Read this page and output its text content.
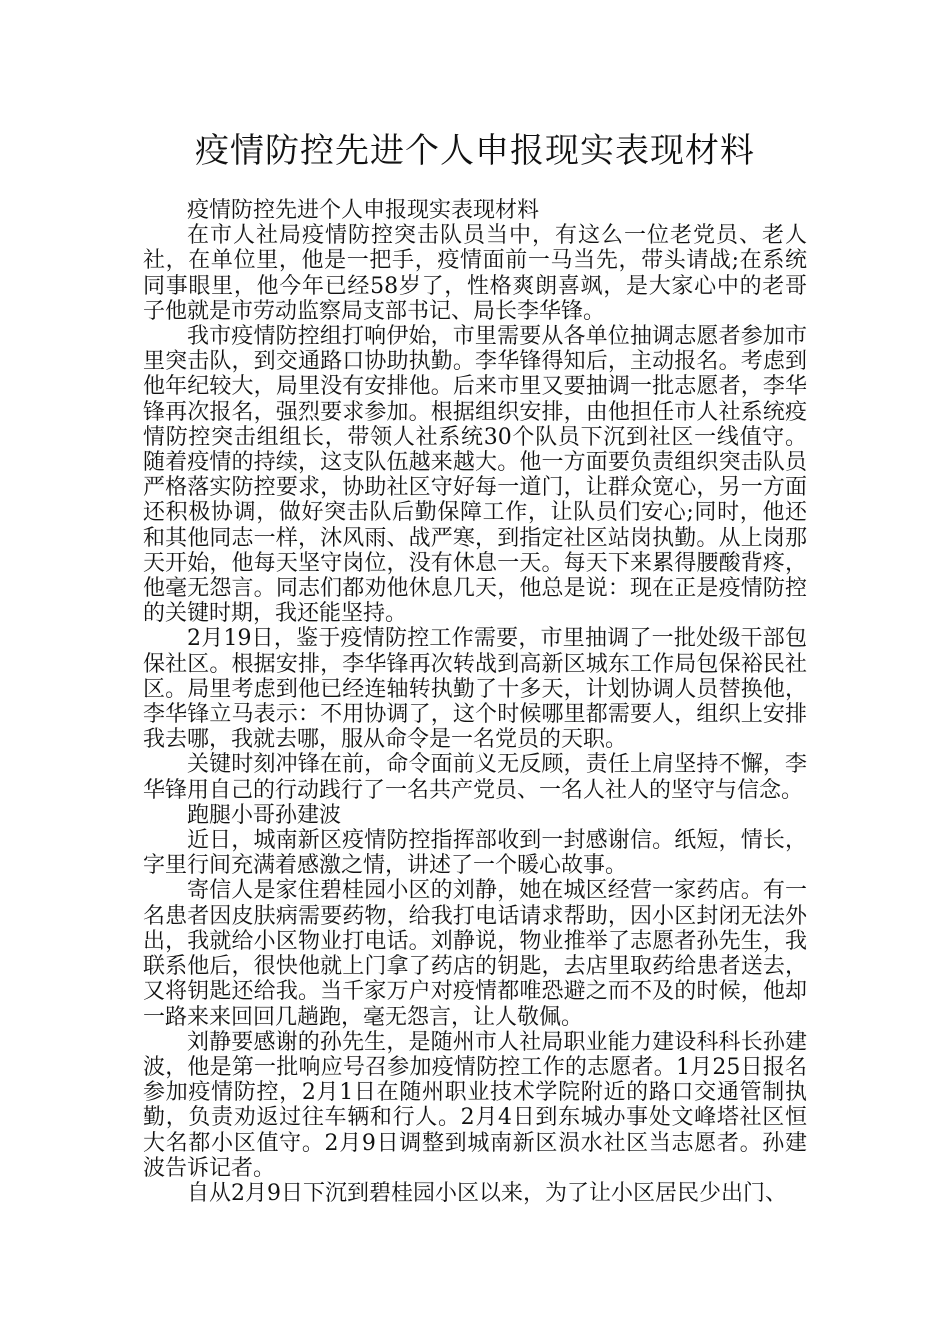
疫情防控先进个人申报现实表现材料

疫情防控先进个人申报现实表现材料

在市人社局疫情防控突击队员当中，有这么一位老党员、老人社，在单位里，他是一把手，疫情面前一马当先，带头请战;在系统同事眼里，他今年已经58岁了，性格爽朗喜飒，是大家心中的老哥子他就是市劳动监察局支部书记、局长李华锋。

我市疫情防控组打响伊始，市里需要从各单位抽调志愿者参加市里突击队，到交通路口协助执勤。李华锋得知后，主动报名。考虑到他年纪较大，局里没有安排他。后来市里又要抽调一批志愿者，李华锋再次报名，强烈要求参加。根据组织安排，由他担任市人社系统疫情防控突击组组长，带领人社系统30个队员下沉到社区一线值守。随着疫情的持续，这支队伍越来越大。他一方面要负责组织突击队员严格落实防控要求，协助社区守好每一道门，让群众宽心，另一方面还积极协调，做好突击队后勤保障工作，让队员们安心;同时，他还和其他同志一样，沐风雨、战严寒，到指定社区站岗执勤。从上岗那天开始，他每天坚守岗位，没有休息一天。每天下来累得腰酸背疼，他毫无怨言。同志们都劝他休息几天，他总是说：现在正是疫情防控的关键时期，我还能坚持。

2月19日，鉴于疫情防控工作需要，市里抽调了一批处级干部包保社区。根据安排，李华锋再次转战到高新区城东工作局包保裕民社区。局里考虑到他已经连轴转执勤了十多天，计划协调人员替换他，李华锋立马表示：不用协调了，这个时候哪里都需要人，组织上安排我去哪，我就去哪，服从命令是一名党员的天职。

关键时刻冲锋在前，命令面前义无反顾，责任上肩坚持不懈，李华锋用自己的行动践行了一名共产党员、一名人社人的坚守与信念。

跑腿小哥孙建波

近日，城南新区疫情防控指挥部收到一封感谢信。纸短，情长，字里行间充满着感激之情，讲述了一个暖心故事。

寄信人是家住碧桂园小区的刘静，她在城区经营一家药店。有一名患者因皮肤病需要药物，给我打电话请求帮助，因小区封闭无法外出，我就给小区物业打电话。刘静说，物业推举了志愿者孙先生，我联系他后，很快他就上门拿了药店的钥匙，去店里取药给患者送去，又将钥匙还给我。当千家万户对疫情都唯恐避之而不及的时候，他却一路来来回回几趟跑，毫无怨言，让人敬佩。

刘静要感谢的孙先生，是随州市人社局职业能力建设科科长孙建波，他是第一批响应号召参加疫情防控工作的志愿者。1月25日报名参加疫情防控，2月1日在随州职业技术学院附近的路口交通管制执勤，负责劝返过往车辆和行人。2月4日到东城办事处文峰塔社区恒大名都小区值守。2月9日调整到城南新区涢水社区当志愿者。孙建波告诉记者。

自从2月9日下沉到碧桂园小区以来，为了让小区居民少出门、
